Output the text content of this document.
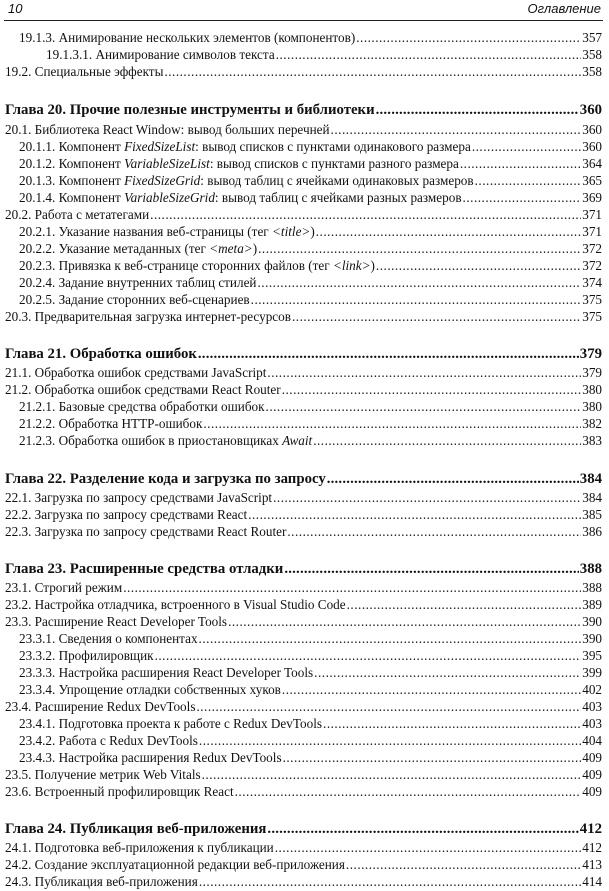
10	Оглавление
19.1.3. Анимирование нескольких элементов (компонентов) .....	357
19.1.3.1. Анимирование символов текста .....	358
19.2. Специальные эффекты .....	358
Глава 20. Прочие полезные инструменты и библиотеки .....	360
20.1. Библиотека React Window: вывод больших перечней .....	360
20.1.1. Компонент FixedSizeList: вывод списков с пунктами одинакового размера .....	360
20.1.2. Компонент VariableSizeList: вывод списков с пунктами разного размера .....	364
20.1.3. Компонент FixedSizeGrid: вывод таблиц с ячейками одинаковых размеров .....	365
20.1.4. Компонент VariableSizeGrid: вывод таблиц с ячейками разных размеров .....	369
20.2. Работа с метатегами .....	371
20.2.1. Указание названия веб-страницы (тег <title>) .....	371
20.2.2. Указание метаданных (тег <meta>) .....	372
20.2.3. Привязка к веб-странице сторонних файлов (тег <link>) .....	372
20.2.4. Задание внутренних таблиц стилей .....	374
20.2.5. Задание сторонних веб-сценариев .....	375
20.3. Предварительная загрузка интернет-ресурсов .....	375
Глава 21. Обработка ошибок .....	379
21.1. Обработка ошибок средствами JavaScript .....	379
21.2. Обработка ошибок средствами React Router .....	380
21.2.1. Базовые средства обработки ошибок .....	380
21.2.2. Обработка HTTP-ошибок .....	382
21.2.3. Обработка ошибок в приостановщиках Await .....	383
Глава 22. Разделение кода и загрузка по запросу .....	384
22.1. Загрузка по запросу средствами JavaScript .....	384
22.2. Загрузка по запросу средствами React .....	385
22.3. Загрузка по запросу средствами React Router .....	386
Глава 23. Расширенные средства отладки .....	388
23.1. Строгий режим .....	388
23.2. Настройка отладчика, встроенного в Visual Studio Code .....	389
23.3. Расширение React Developer Tools .....	390
23.3.1. Сведения о компонентах .....	390
23.3.2. Профилировщик .....	395
23.3.3. Настройка расширения React Developer Tools .....	399
23.3.4. Упрощение отладки собственных хуков .....	402
23.4. Расширение Redux DevTools .....	403
23.4.1. Подготовка проекта к работе с Redux DevTools .....	403
23.4.2. Работа с Redux DevTools .....	404
23.4.3. Настройка расширения Redux DevTools .....	409
23.5. Получение метрик Web Vitals .....	409
23.6. Встроенный профилировщик React .....	409
Глава 24. Публикация веб-приложения .....	412
24.1. Подготовка веб-приложения к публикации .....	412
24.2. Создание эксплуатационной редакции веб-приложения .....	413
24.3. Публикация веб-приложения .....	414
